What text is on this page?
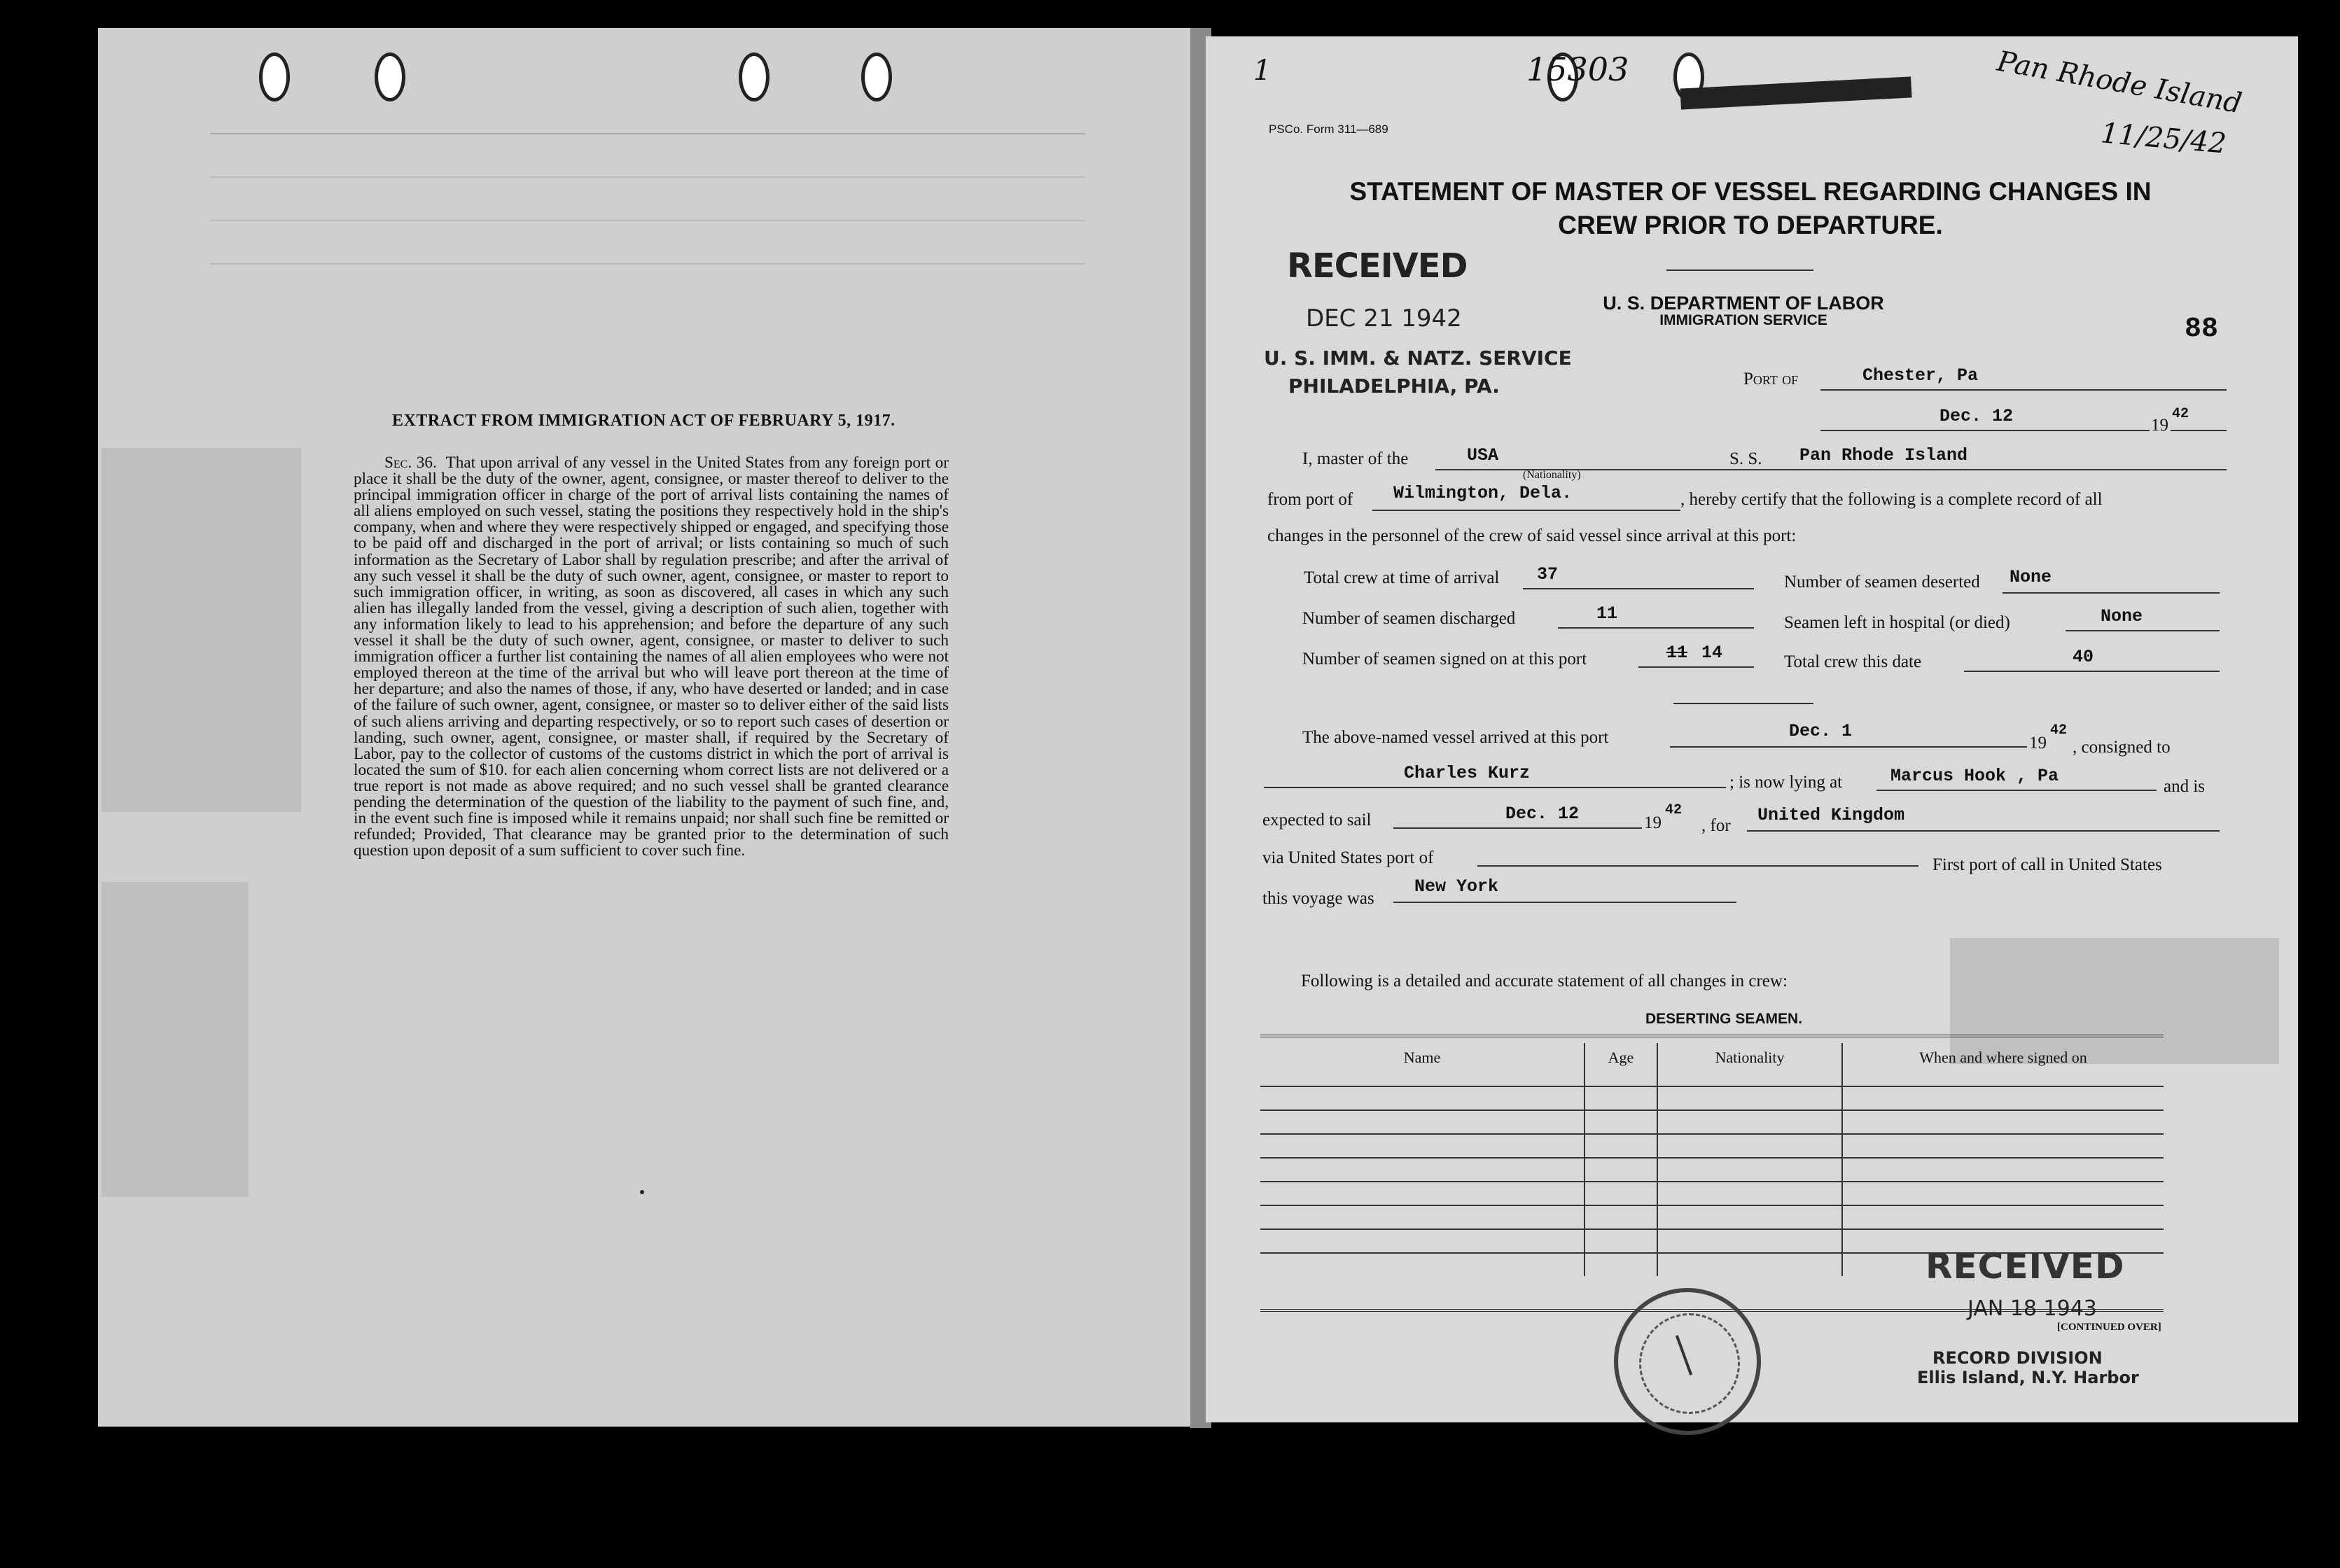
EXTRACT FROM IMMIGRATION ACT OF FEBRUARY 5, 1917.
Sec. 36. That upon arrival of any vessel in the United States from any foreign port or place it shall be the duty of the owner, agent, consignee, or master thereof to deliver to the principal immigration officer in charge of the port of arrival lists containing the names of all aliens employed on such vessel, stating the positions they respectively hold in the ship's company, when and where they were respectively shipped or engaged, and specifying those to be paid off and discharged in the port of arrival; or lists containing so much of such information as the Secretary of Labor shall by regulation prescribe; and after the arrival of any such vessel it shall be the duty of such owner, agent, consignee, or master to report to such immigration officer, in writing, as soon as discovered, all cases in which any such alien has illegally landed from the vessel, giving a description of such alien, together with any information likely to lead to his apprehension; and before the departure of any such vessel it shall be the duty of such owner, agent, consignee, or master to deliver to such immigration officer a further list containing the names of all alien employees who were not employed thereon at the time of the arrival but who will leave port thereon at the time of her departure; and also the names of those, if any, who have deserted or landed; and in case of the failure of such owner, agent, consignee, or master so to deliver either of the said lists of such aliens arriving and departing respectively, or so to report such cases of desertion or landing, such owner, agent, consignee, or master shall, if required by the Secretary of Labor, pay to the collector of customs of the customs district in which the port of arrival is located the sum of $10. for each alien concerning whom correct lists are not delivered or a true report is not made as above required; and no such vessel shall be granted clearance pending the determination of the question of the liability to the payment of such fine, and, in the event such fine is imposed while it remains unpaid; nor shall such fine be remitted or refunded; Provided, That clearance may be granted prior to the determination of such question upon deposit of a sum sufficient to cover such fine.
1	15303	Pan Rhode Island
11/25/42
PSCo. Form 311—689
STATEMENT OF MASTER OF VESSEL REGARDING CHANGES IN
CREW PRIOR TO DEPARTURE.
U. S. DEPARTMENT OF LABOR
IMMIGRATION SERVICE	88
RECEIVED
DEC 21 1942
U. S. IMM. & NATZ. SERVICE
PHILADELPHIA, PA.	Port of	Chester, Pa
Dec. 12	19
42
I, master of the	USA
(Nationality)
S. S. Pan Rhode Island
from port of Wilmington, Dela.	, hereby certify that the following is a complete record of all
changes in the personnel of the crew of said vessel since arrival at this port:
Total crew at time of arrival 37	Number of seamen deserted None
Number of seamen discharged	11	Seamen left in hospital (or died)	None
Number of seamen signed on at this port	11 14	Total crew this date	40
The above-named vessel arrived at this port	Dec. 1
19
42
, consigned to
Charles Kurz	; is now lying at	Marcus Hook , Pa
and is
expected to sail	Dec. 12	19
42
, for
United Kingdom
via United States port of	First port of call in United States
this voyage was
New York
Following is a detailed and accurate statement of all changes in crew:
DESERTING SEAMEN.
Name	Age	Nationality	When and where signed on

RECEIVED
JAN 18 1943
[CONTINUED OVER]
RECORD DIVISION
Ellis Island, N.Y. Harbor
